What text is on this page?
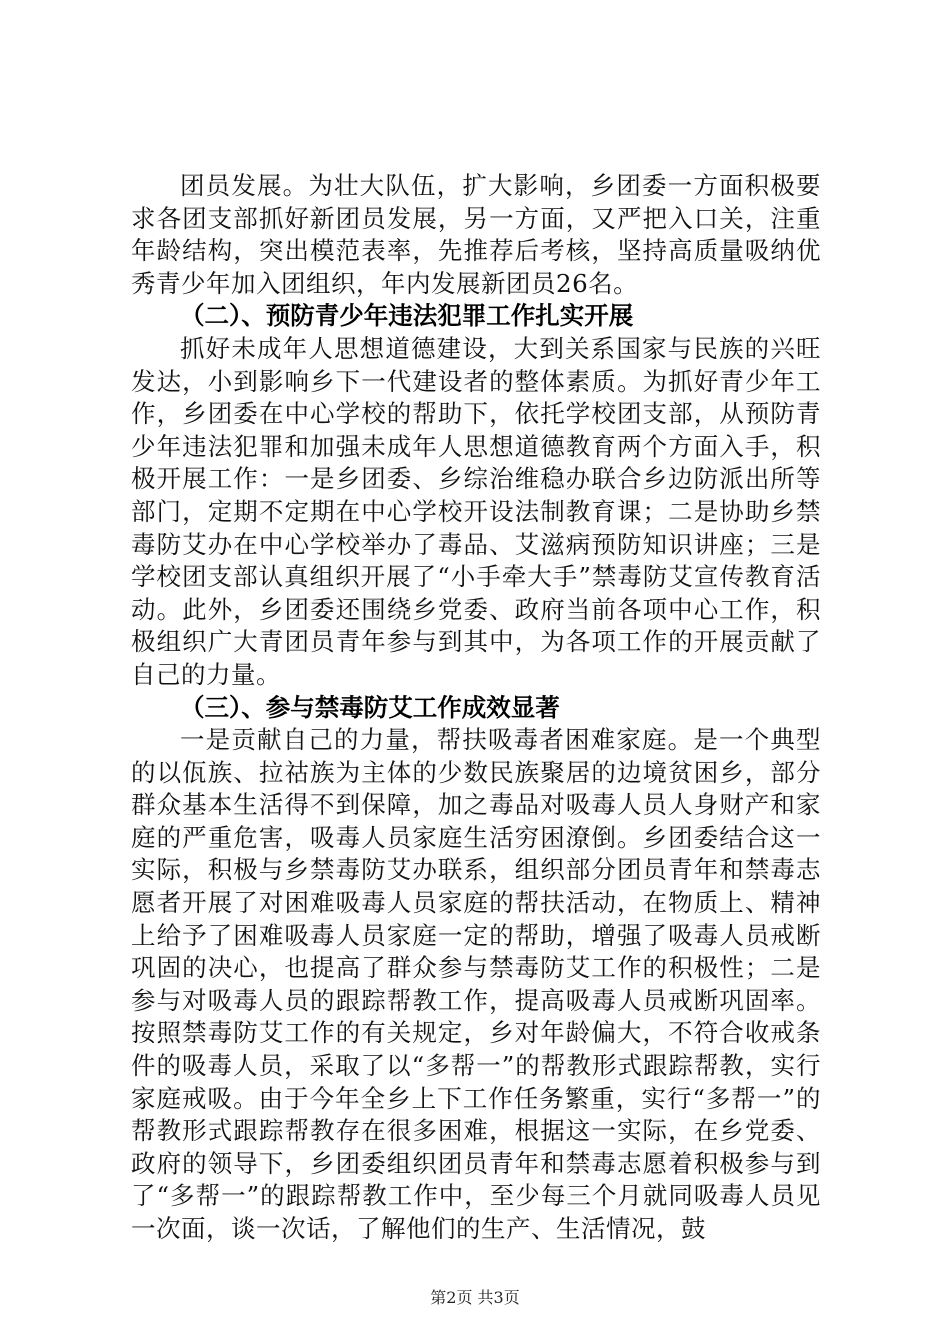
团员发展。为壮大队伍，扩大影响，乡团委一方面积极要求各团支部抓好新团员发展，另一方面，又严把入口关，注重年龄结构，突出模范表率，先推荐后考核，坚持高质量吸纳优秀青少年加入团组织，年内发展新团员26名。

（二）、预防青少年违法犯罪工作扎实开展

抓好未成年人思想道德建设，大到关系国家与民族的兴旺发达，小到影响乡下一代建设者的整体素质。为抓好青少年工作，乡团委在中心学校的帮助下，依托学校团支部，从预防青少年违法犯罪和加强未成年人思想道德教育两个方面入手，积极开展工作：一是乡团委、乡综治维稳办联合乡边防派出所等部门，定期不定期在中心学校开设法制教育课；二是协助乡禁毒防艾办在中心学校举办了毒品、艾滋病预防知识讲座；三是学校团支部认真组织开展了“小手牵大手”禁毒防艾宣传教育活动。此外，乡团委还围绕乡党委、政府当前各项中心工作，积极组织广大青团员青年参与到其中，为各项工作的开展贡献了自己的力量。

（三）、参与禁毒防艾工作成效显著

一是贡献自己的力量，帮扶吸毒者困难家庭。是一个典型的以佤族、拉祜族为主体的少数民族聚居的边境贫困乡，部分群众基本生活得不到保障，加之毒品对吸毒人员人身财产和家庭的严重危害，吸毒人员家庭生活穷困潦倒。乡团委结合这一实际，积极与乡禁毒防艾办联系，组织部分团员青年和禁毒志愿者开展了对困难吸毒人员家庭的帮扶活动，在物质上、精神上给予了困难吸毒人员家庭一定的帮助，增强了吸毒人员戒断巩固的决心，也提高了群众参与禁毒防艾工作的积极性；二是参与对吸毒人员的跟踪帮教工作，提高吸毒人员戒断巩固率。按照禁毒防艾工作的有关规定，乡对年龄偏大，不符合收戒条件的吸毒人员，采取了以“多帮一”的帮教形式跟踪帮教，实行家庭戒吸。由于今年全乡上下工作任务繁重，实行“多帮一”的帮教形式跟踪帮教存在很多困难，根据这一实际，在乡党委、政府的领导下，乡团委组织团员青年和禁毒志愿着积极参与到了“多帮一”的跟踪帮教工作中，至少每三个月就同吸毒人员见一次面，谈一次话，了解他们的生产、生活情况，鼓

第2页 共3页
